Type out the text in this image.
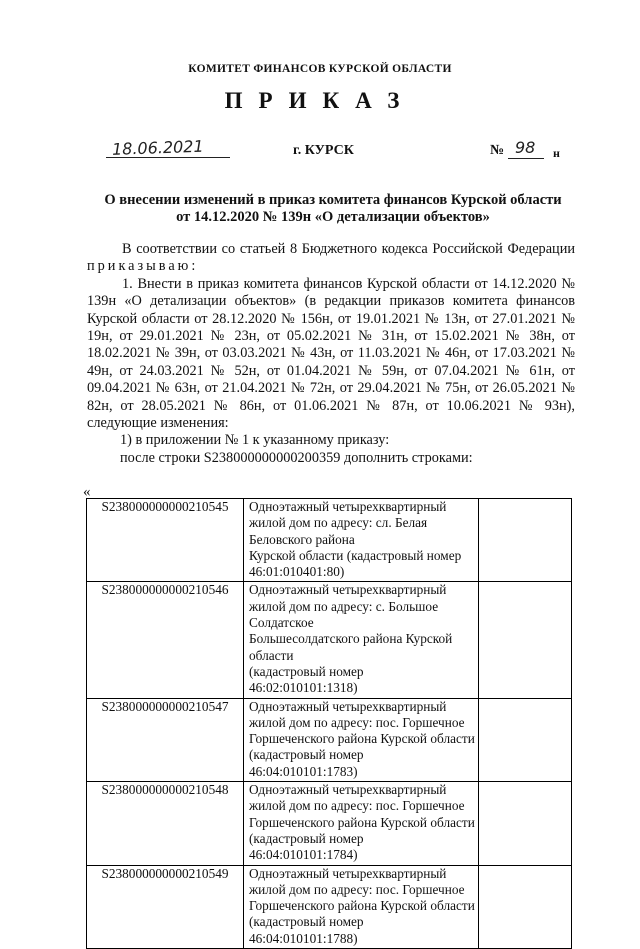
КОМИТЕТ ФИНАНСОВ КУРСКОЙ ОБЛАСТИ
ПРИКАЗ
18.06.2021	г. КУРСК	№ 98 н
О внесении изменений в приказ комитета финансов Курской области
от 14.12.2020 № 139н «О детализации объектов»

В соответствии со статьей 8 Бюджетного кодекса Российской Федерации приказываю:

1. Внести в приказ комитета финансов Курской области от 14.12.2020 № 139н «О детализации объектов» (в редакции приказов комитета финансов Курской области от 28.12.2020 № 156н, от 19.01.2021 № 13н, от 27.01.2021 № 19н, от 29.01.2021 № 23н, от 05.02.2021 № 31н, от 15.02.2021 № 38н, от 18.02.2021 № 39н, от 03.03.2021 № 43н, от 11.03.2021 № 46н, от 17.03.2021 № 49н, от 24.03.2021 № 52н, от 01.04.2021 № 59н, от 07.04.2021 № 61н, от 09.04.2021 № 63н, от 21.04.2021 № 72н, от 29.04.2021 № 75н, от 26.05.2021 № 82н, от 28.05.2021 № 86н, от 01.06.2021 № 87н, от 10.06.2021 № 93н), следующие изменения:

1) в приложении № 1 к указанному приказу:

после строки S238000000000200359 дополнить строками:

«
S238000000000210545	Одноэтажный четырехквартирный
жилой дом по адресу: сл. Белая Беловского района
Курской области (кадастровый номер
46:01:010401:80)	

S238000000000210546	Одноэтажный четырехквартирный
жилой дом по адресу: с. Большое Солдатское
Большесолдатского района Курской области
(кадастровый номер 46:02:010101:1318)	

S238000000000210547	Одноэтажный четырехквартирный
жилой дом по адресу: пос. Горшечное
Горшеченского района Курской области
(кадастровый номер 46:04:010101:1783)	

S238000000000210548	Одноэтажный четырехквартирный
жилой дом по адресу: пос. Горшечное
Горшеченского района Курской области
(кадастровый номер 46:04:010101:1784)	

S238000000000210549	Одноэтажный четырехквартирный
жилой дом по адресу: пос. Горшечное
Горшеченского района Курской области
(кадастровый номер 46:04:010101:1788)	
